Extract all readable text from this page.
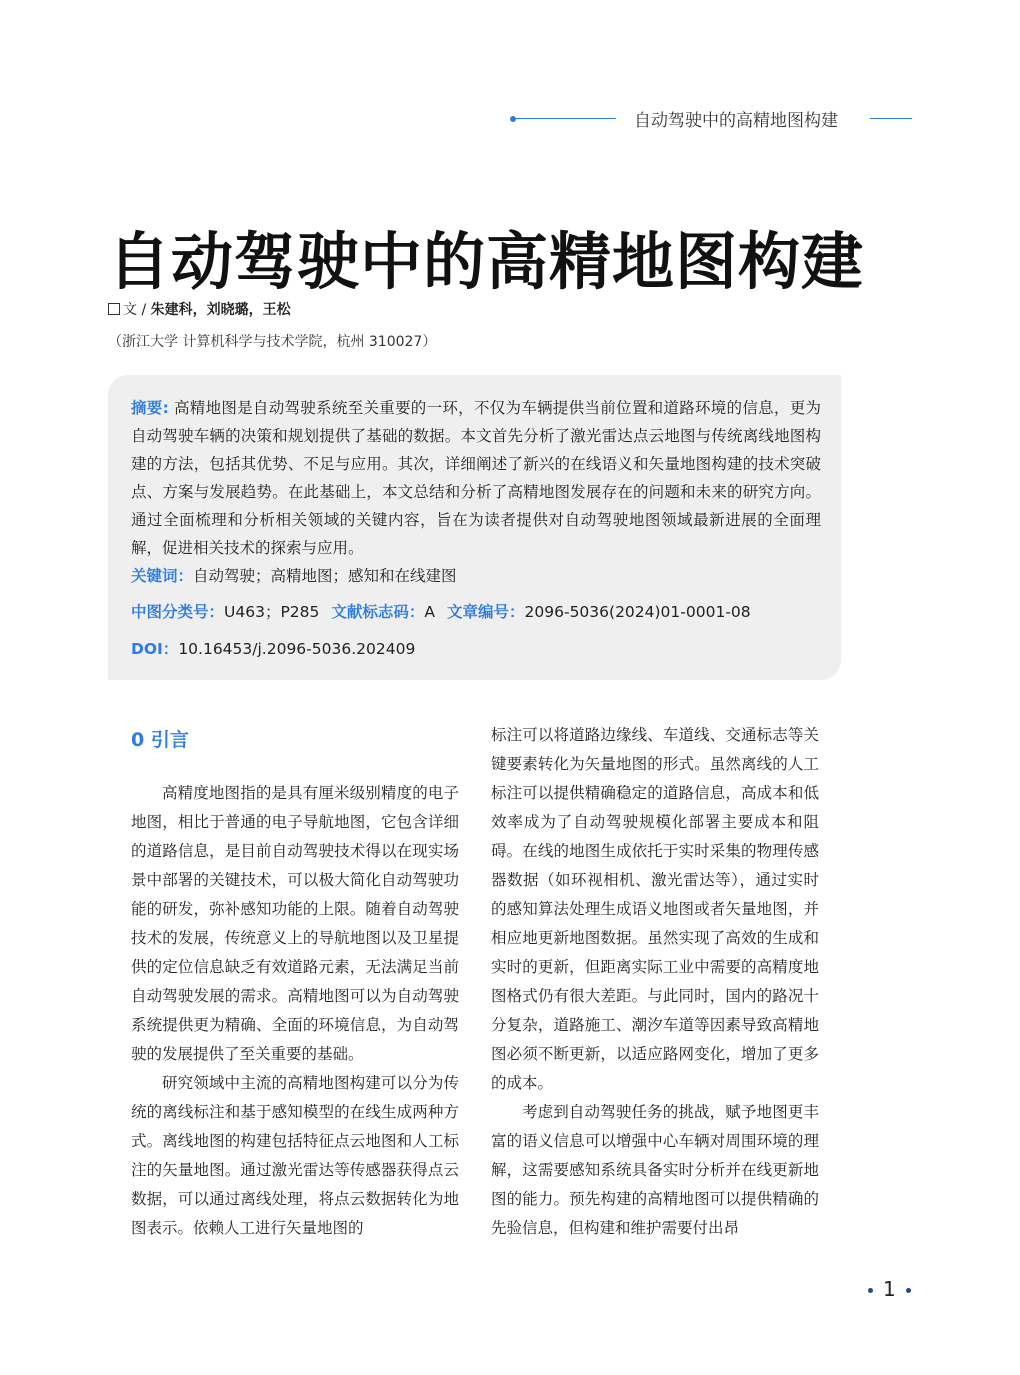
自动驾驶中的高精地图构建
自动驾驶中的高精地图构建
文 / 朱建科，刘晓璐，王松
（浙江大学 计算机科学与技术学院，杭州 310027）
摘要: 高精地图是自动驾驶系统至关重要的一环，不仅为车辆提供当前位置和道路环境的信息，更为自动驾驶车辆的决策和规划提供了基础的数据。本文首先分析了激光雷达点云地图与传统离线地图构建的方法，包括其优势、不足与应用。其次，详细阐述了新兴的在线语义和矢量地图构建的技术突破点、方案与发展趋势。在此基础上，本文总结和分析了高精地图发展存在的问题和未来的研究方向。通过全面梳理和分析相关领域的关键内容，旨在为读者提供对自动驾驶地图领域最新进展的全面理解，促进相关技术的探索与应用。
关键词：自动驾驶；高精地图；感知和在线建图
中图分类号：U463；P285 文献标志码：A 文章编号：2096-5036(2024)01-0001-08
DOI：10.16453/j.2096-5036.202409
0 引言

高精度地图指的是具有厘米级别精度的电子地图，相比于普通的电子导航地图，它包含详细的道路信息，是目前自动驾驶技术得以在现实场景中部署的关键技术，可以极大简化自动驾驶功能的研发，弥补感知功能的上限。随着自动驾驶技术的发展，传统意义上的导航地图以及卫星提供的定位信息缺乏有效道路元素，无法满足当前自动驾驶发展的需求。高精地图可以为自动驾驶系统提供更为精确、全面的环境信息，为自动驾驶的发展提供了至关重要的基础。

研究领域中主流的高精地图构建可以分为传统的离线标注和基于感知模型的在线生成两种方式。离线地图的构建包括特征点云地图和人工标注的矢量地图。通过激光雷达等传感器获得点云数据，可以通过离线处理，将点云数据转化为地图表示。依赖人工进行矢量地图的

标注可以将道路边缘线、车道线、交通标志等关键要素转化为矢量地图的形式。虽然离线的人工标注可以提供精确稳定的道路信息，高成本和低效率成为了自动驾驶规模化部署主要成本和阻碍。在线的地图生成依托于实时采集的物理传感器数据（如环视相机、激光雷达等），通过实时的感知算法处理生成语义地图或者矢量地图，并相应地更新地图数据。虽然实现了高效的生成和实时的更新，但距离实际工业中需要的高精度地图格式仍有很大差距。与此同时，国内的路况十分复杂，道路施工、潮汐车道等因素导致高精地图必须不断更新，以适应路网变化，增加了更多的成本。

考虑到自动驾驶任务的挑战，赋予地图更丰富的语义信息可以增强中心车辆对周围环境的理解，这需要感知系统具备实时分析并在线更新地图的能力。预先构建的高精地图可以提供精确的先验信息，但构建和维护需要付出昂

1
